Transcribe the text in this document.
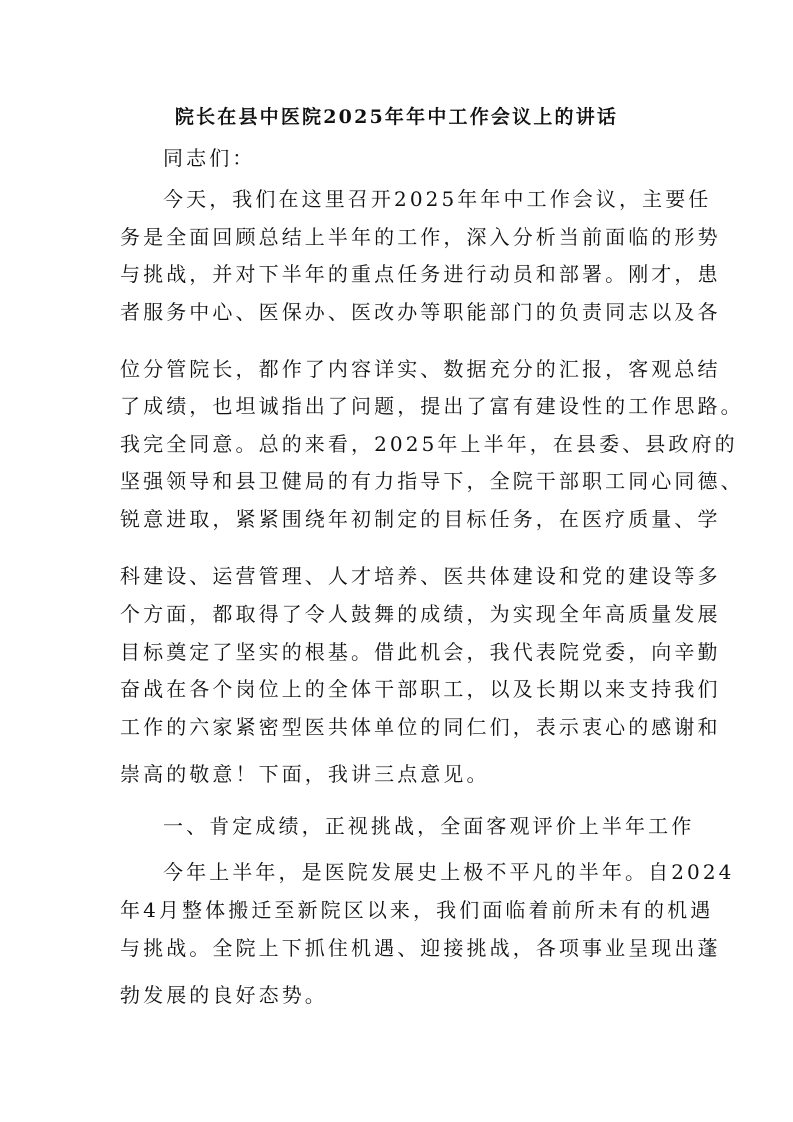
院长在县中医院2025年年中工作会议上的讲话
同志们：
今天，我们在这里召开2025年年中工作会议，主要任
务是全面回顾总结上半年的工作，深入分析当前面临的形势
与挑战，并对下半年的重点任务进行动员和部署。刚才，患
者服务中心、医保办、医改办等职能部门的负责同志以及各
位分管院长，都作了内容详实、数据充分的汇报，客观总结
了成绩，也坦诚指出了问题，提出了富有建设性的工作思路。
我完全同意。总的来看，2025年上半年，在县委、县政府的
坚强领导和县卫健局的有力指导下，全院干部职工同心同德、
锐意进取，紧紧围绕年初制定的目标任务，在医疗质量、学
科建设、运营管理、人才培养、医共体建设和党的建设等多
个方面，都取得了令人鼓舞的成绩，为实现全年高质量发展
目标奠定了坚实的根基。借此机会，我代表院党委，向辛勤
奋战在各个岗位上的全体干部职工，以及长期以来支持我们
工作的六家紧密型医共体单位的同仁们，表示衷心的感谢和
崇高的敬意！下面，我讲三点意见。
一、肯定成绩，正视挑战，全面客观评价上半年工作
今年上半年，是医院发展史上极不平凡的半年。自2024
年4月整体搬迁至新院区以来，我们面临着前所未有的机遇
与挑战。全院上下抓住机遇、迎接挑战，各项事业呈现出蓬
勃发展的良好态势。
